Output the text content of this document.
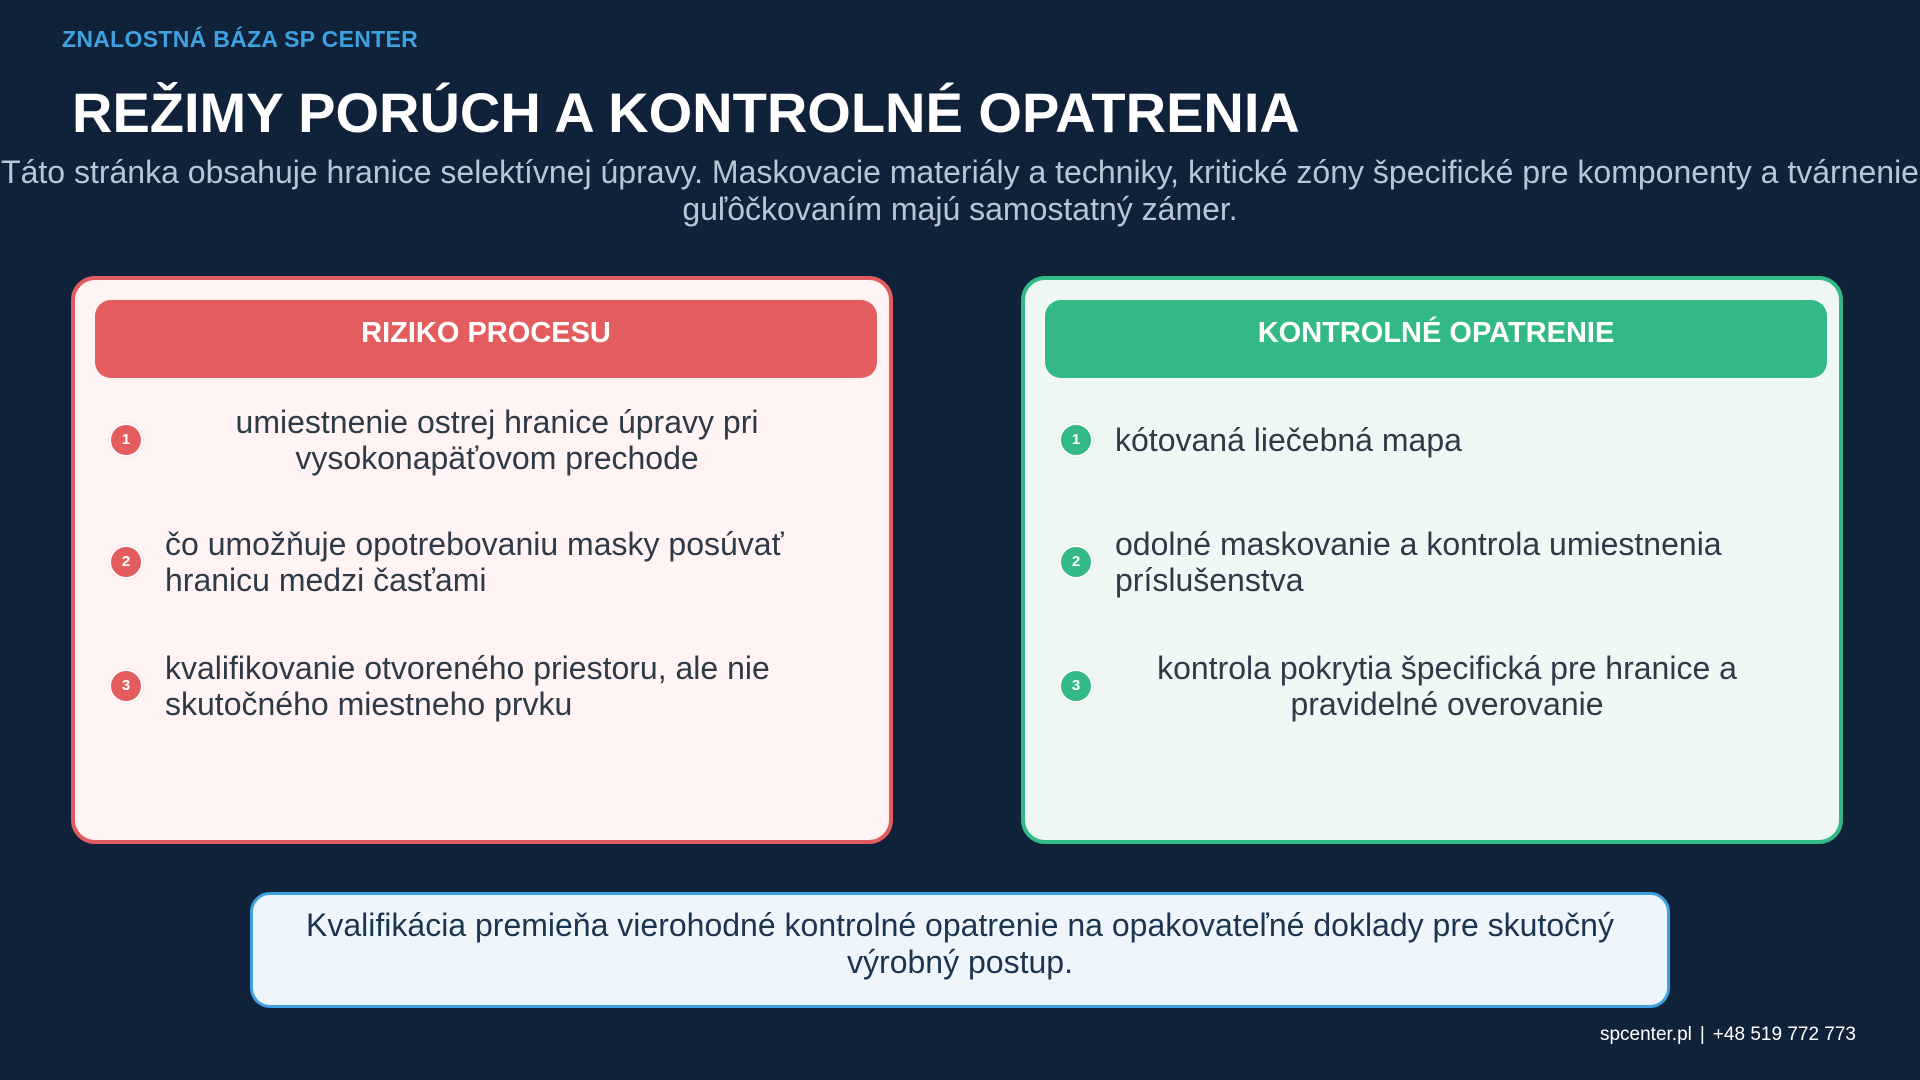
ZNALOSTNÁ BÁZA SP CENTER
REŽIMY PORÚCH A KONTROLNÉ OPATRENIA
Táto stránka obsahuje hranice selektívnej úpravy. Maskovacie materiály a techniky, kritické zóny špecifické pre komponenty a tvárnenie guľôčkovaním majú samostatný zámer.
RIZIKO PROCESU
1	umiestnenie ostrej hranice úpravy pri vysokonapäťovom prechode
2	čo umožňuje opotrebovaniu masky posúvať hranicu medzi časťami
3	kvalifikovanie otvoreného priestoru, ale nie skutočného miestneho prvku
KONTROLNÉ OPATRENIE
1	kótovaná liečebná mapa
2	odolné maskovanie a kontrola umiestnenia príslušenstva
3	kontrola pokrytia špecifická pre hranice a pravidelné overovanie
Kvalifikácia premieňa vierohodné kontrolné opatrenie na opakovateľné doklady pre skutočný výrobný postup.
spcenter.pl | +48 519 772 773
